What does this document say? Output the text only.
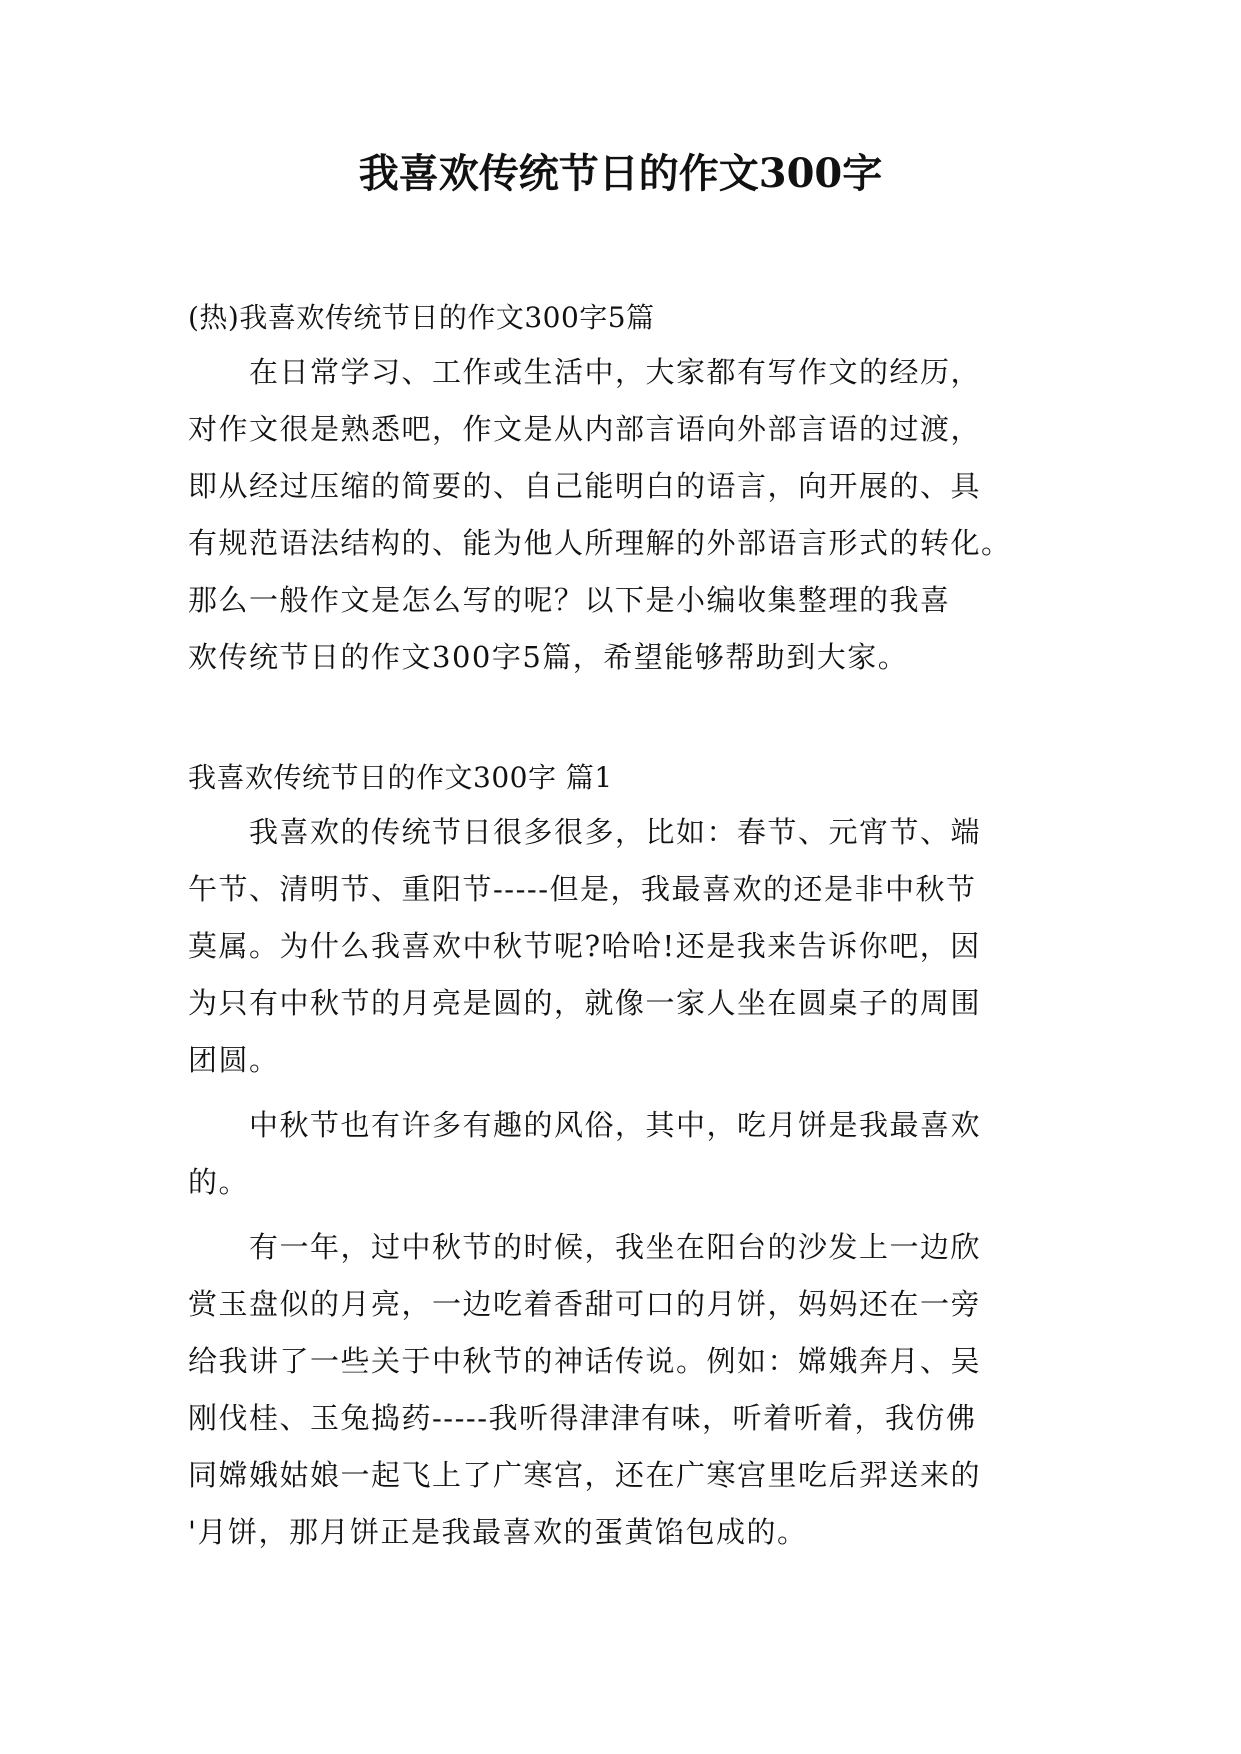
我喜欢传统节日的作文300字

(热)我喜欢传统节日的作文300字5篇

　　在日常学习、工作或生活中，大家都有写作文的经历，

对作文很是熟悉吧，作文是从内部言语向外部言语的过渡，

即从经过压缩的简要的、自己能明白的语言，向开展的、具

有规范语法结构的、能为他人所理解的外部语言形式的转化。

那么一般作文是怎么写的呢？以下是小编收集整理的我喜

欢传统节日的作文300字5篇，希望能够帮助到大家。

我喜欢传统节日的作文300字 篇1

　　我喜欢的传统节日很多很多，比如：春节、元宵节、端

午节、清明节、重阳节-----但是，我最喜欢的还是非中秋节

莫属。为什么我喜欢中秋节呢?哈哈!还是我来告诉你吧，因

为只有中秋节的月亮是圆的，就像一家人坐在圆桌子的周围

团圆。

　　中秋节也有许多有趣的风俗，其中，吃月饼是我最喜欢

的。

　　有一年，过中秋节的时候，我坐在阳台的沙发上一边欣

赏玉盘似的月亮，一边吃着香甜可口的月饼，妈妈还在一旁

给我讲了一些关于中秋节的神话传说。例如：嫦娥奔月、吴

刚伐桂、玉兔捣药-----我听得津津有味，听着听着，我仿佛

同嫦娥姑娘一起飞上了广寒宫，还在广寒宫里吃后羿送来的

'月饼，那月饼正是我最喜欢的蛋黄馅包成的。
